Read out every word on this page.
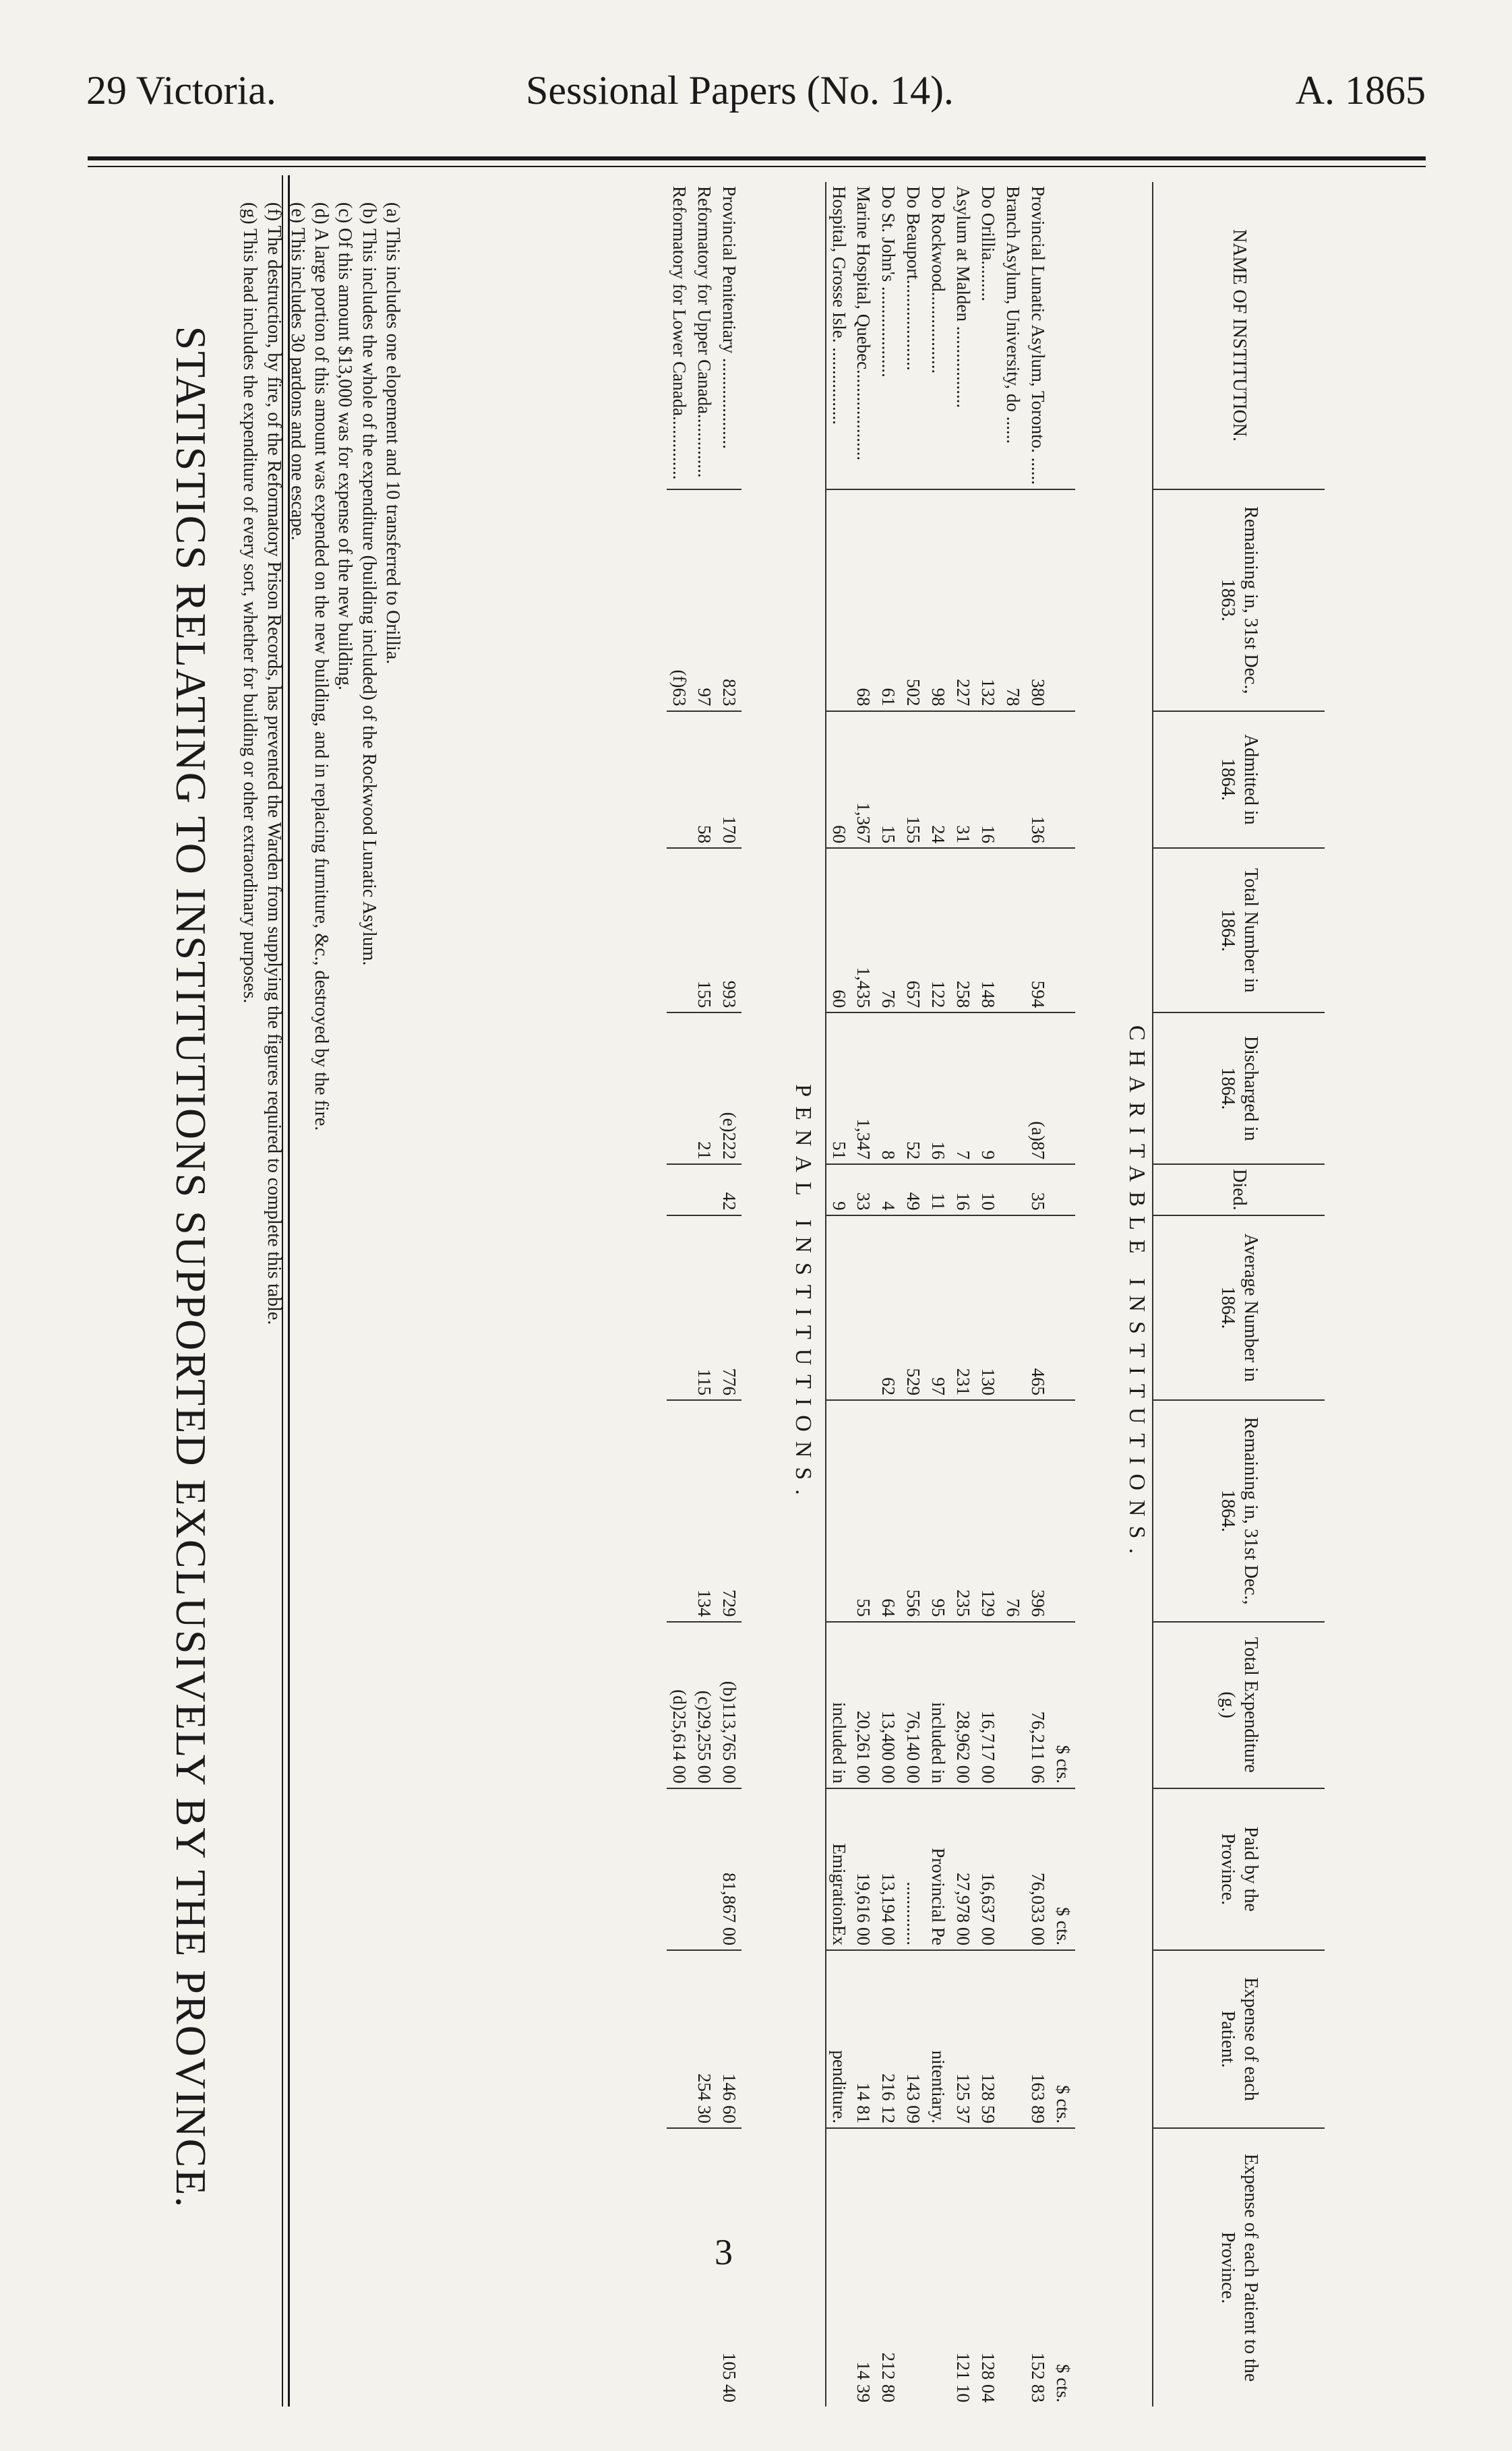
29 Victoria.	Sessional Papers (No. 14).	A. 1865
STATISTICS RELATING TO INSTITUTIONS SUPPORTED EXCLUSIVELY BY THE PROVINCE.	NAME OF INSTITUTION.	Remaining in, 31st Dec., 1863.	Admitted in 1864.	Total Number in 1864.	Discharged in 1864.	Died.	Average Number in 1864.	Remaining in, 31st Dec., 1864.	Total Expenditure (g.)	Paid by the Province.	Expense of each Patient.	Expense of each Patient to the Province.
CHARITABLE INSTITUTIONS.											
								$ cts.	$ cts.	$ cts.	$ cts.
Provincial Lunatic Asylum, Toronto. ......	380	136	594	(a)87	35	465	396	76,211 06	76,033 00	163 89	152 83
Branch Asylum, University, do ......	78						76				
Do Orillia.........	132	16	148	9	10	130	129	16,717 00	16,637 00	128 59	128 04
Asylum at Malden ..................	227	31	258	7	16	231	235	28,962 00	27,978 00	125 37	121 10
Do Rockwood..................	98	24	122	16	11	97	95	included in	Provincial Pe	nitentiary.	
Do Beauport....................	502	155	657	52	49	529	556	76,140 00	..............	143 09	
Do St. John's ....................	61	15	76	8	4	62	64	13,400 00	13,194 00	216 12	212 80
Marine Hospital, Quebec....................	68	1,367	1,435	1,347	33		55	20,261 00	19,616 00	14 81	14 39
Hospital, Grosse Isle. .................		60	60	51	9			included in	EmigrationEx	penditure.	

PENAL INSTITUTIONS.											
Provincial Penitentiary ....................	823	170	993	(e)222	42	776	729	(b)113,765 00	81,867 00	146 60	105 40
Reformatory for Upper Canada..............	97	58	155	21		115	134	(c)29,255 00		254 30	
Reformatory for Lower Canada..............	(f)63							(d)25,614 00			
(a) This includes one elopement and 10 transferred to Orillia.
(b) This includes the whole of the expenditure (building included) of the Rockwood Lunatic Asylum.
(c) Of this amount $13,000 was for expense of the new building.
(d) A large portion of this amount was expended on the new building, and in replacing furniture, &c., destroyed by the fire.
(e) This includes 30 pardons and one escape.
(f) The destruction, by fire, of the Reformatory Prison Records, has prevented the Warden from supplying the figures required to complete this table.
(g) This head includes the expenditure of every sort, whether for building or other extraordinary purposes.
3
